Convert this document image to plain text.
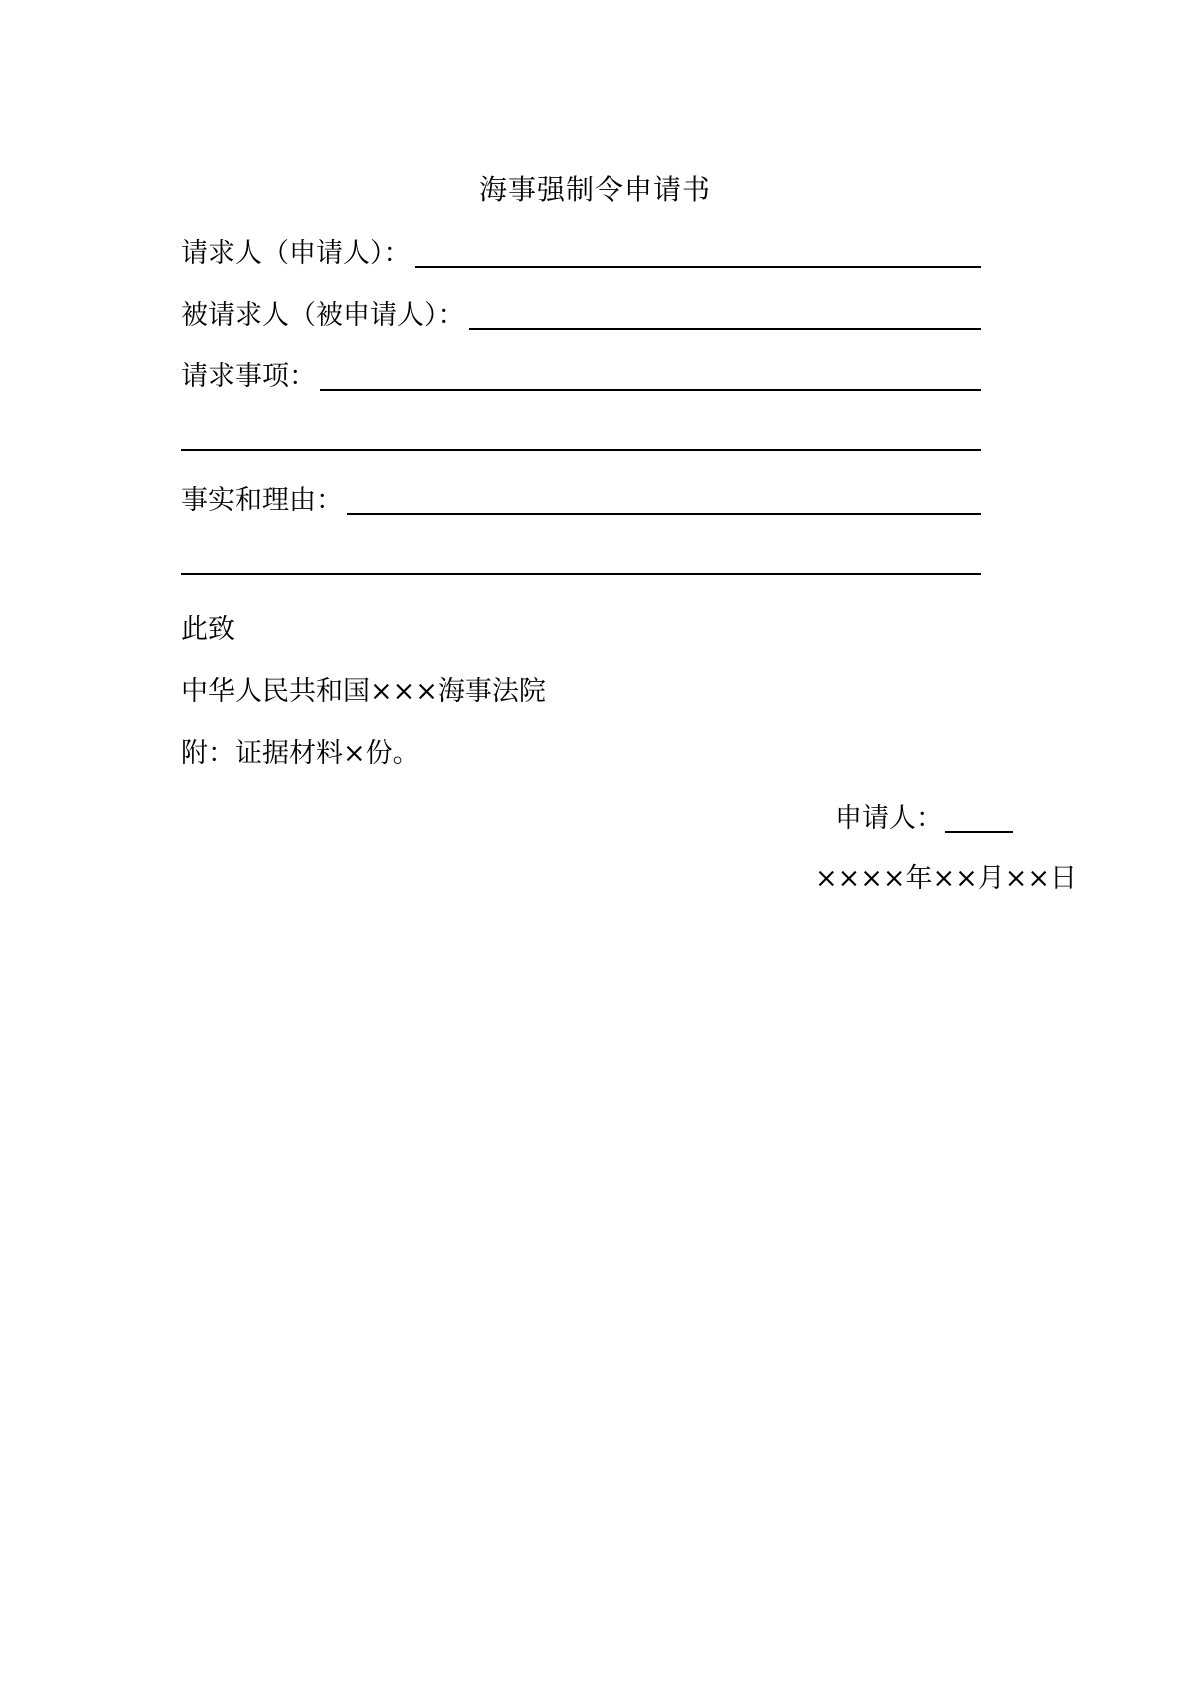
海事强制令申请书
请求人（申请人）：
被请求人（被申请人）：
请求事项：
事实和理由：
此致
中华人民共和国×××海事法院
附：证据材料×份。
申请人：
××××年××月××日
